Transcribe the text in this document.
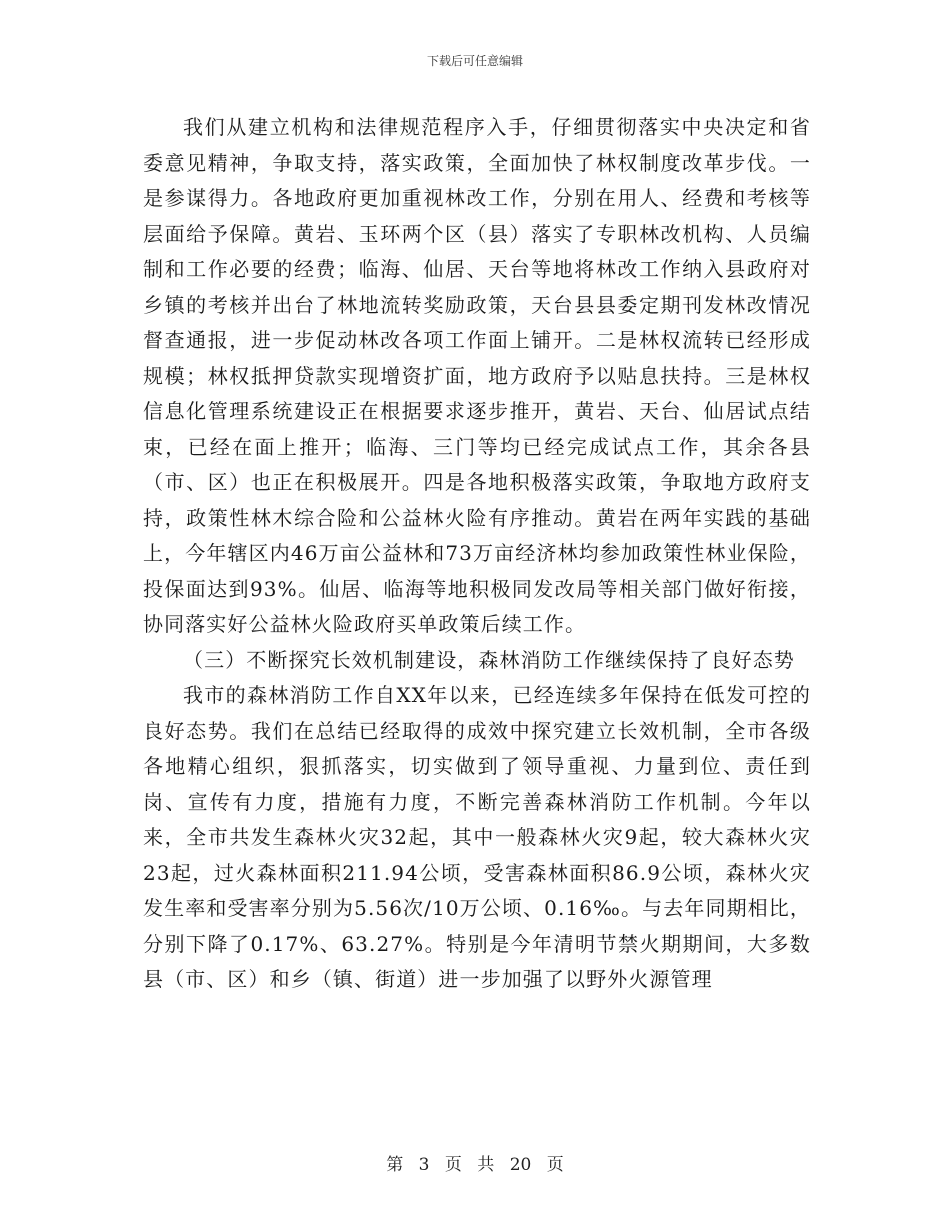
下载后可任意编辑

我们从建立机构和法律规范程序入手，仔细贯彻落实中央决定和省委意见精神，争取支持，落实政策，全面加快了林权制度改革步伐。一是参谋得力。各地政府更加重视林改工作，分别在用人、经费和考核等层面给予保障。黄岩、玉环两个区（县）落实了专职林改机构、人员编制和工作必要的经费；临海、仙居、天台等地将林改工作纳入县政府对乡镇的考核并出台了林地流转奖励政策，天台县县委定期刊发林改情况督查通报，进一步促动林改各项工作面上铺开。二是林权流转已经形成规模；林权抵押贷款实现增资扩面，地方政府予以贴息扶持。三是林权信息化管理系统建设正在根据要求逐步推开，黄岩、天台、仙居试点结束，已经在面上推开；临海、三门等均已经完成试点工作，其余各县（市、区）也正在积极展开。四是各地积极落实政策，争取地方政府支持，政策性林木综合险和公益林火险有序推动。黄岩在两年实践的基础上，今年辖区内46万亩公益林和73万亩经济林均参加政策性林业保险，投保面达到93%。仙居、临海等地积极同发改局等相关部门做好衔接，协同落实好公益林火险政府买单政策后续工作。

（三）不断探究长效机制建设，森林消防工作继续保持了良好态势

我市的森林消防工作自XX年以来，已经连续多年保持在低发可控的良好态势。我们在总结已经取得的成效中探究建立长效机制，全市各级各地精心组织，狠抓落实，切实做到了领导重视、力量到位、责任到岗、宣传有力度，措施有力度，不断完善森林消防工作机制。今年以来，全市共发生森林火灾32起，其中一般森林火灾9起，较大森林火灾23起，过火森林面积211.94公顷，受害森林面积86.9公顷，森林火灾发生率和受害率分别为5.56次/10万公顷、0.16‰。与去年同期相比，分别下降了0.17%、63.27%。特别是今年清明节禁火期期间，大多数县（市、区）和乡（镇、街道）进一步加强了以野外火源管理

第 3 页 共 20 页
